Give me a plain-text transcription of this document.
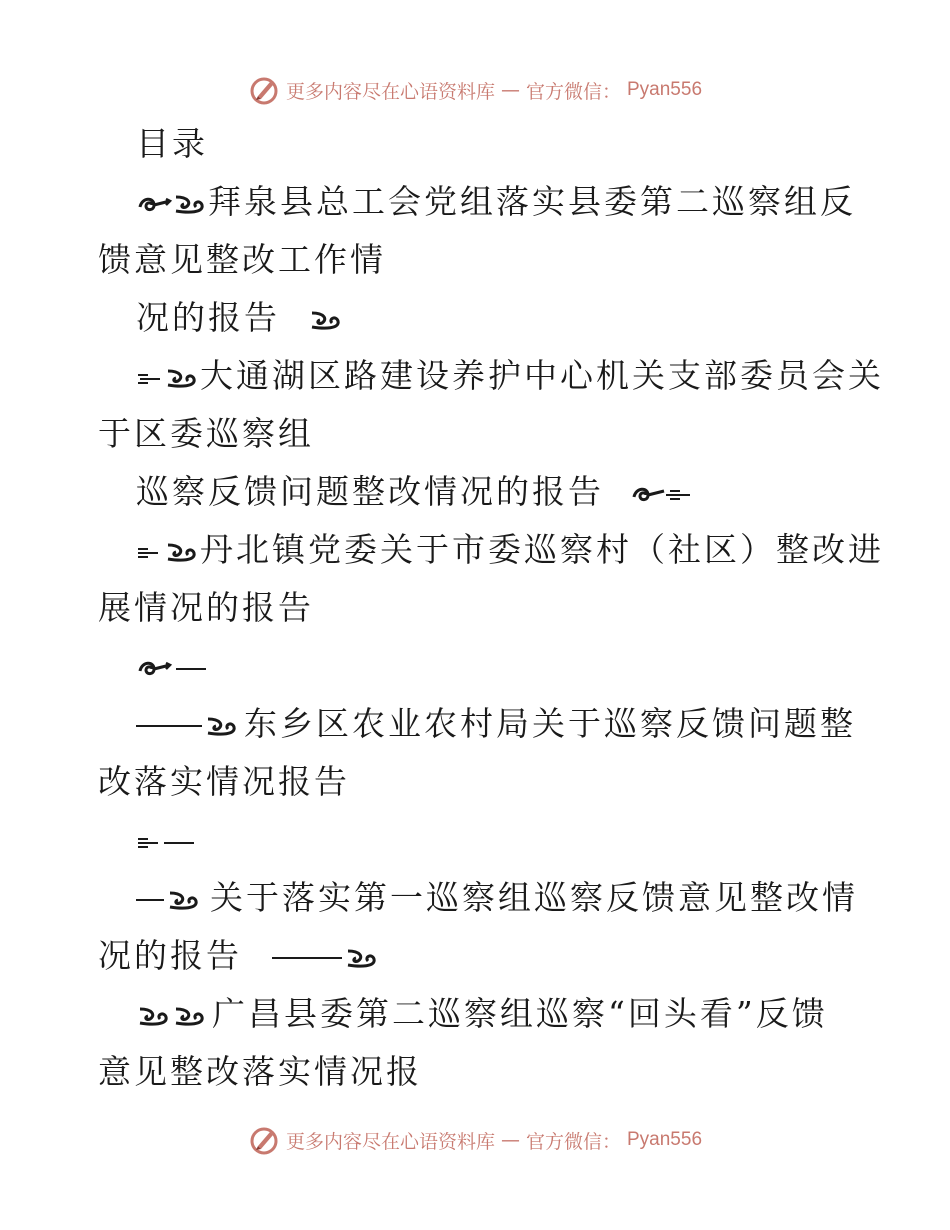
更多内容尽在心语资料库 — 官方微信： Pyan556
目录
拜泉县总工会党组落实县委第二巡察组反
馈意见整改工作情
况的报告
大通湖区路建设养护中心机关支部委员会关
于区委巡察组
巡察反馈问题整改情况的报告
丹北镇党委关于市委巡察村（社区）整改进
展情况的报告
东乡区农业农村局关于巡察反馈问题整
改落实情况报告
关于落实第一巡察组巡察反馈意见整改情
况的报告
广昌县委第二巡察组巡察“回头看”反馈
意见整改落实情况报
更多内容尽在心语资料库 — 官方微信： Pyan556
